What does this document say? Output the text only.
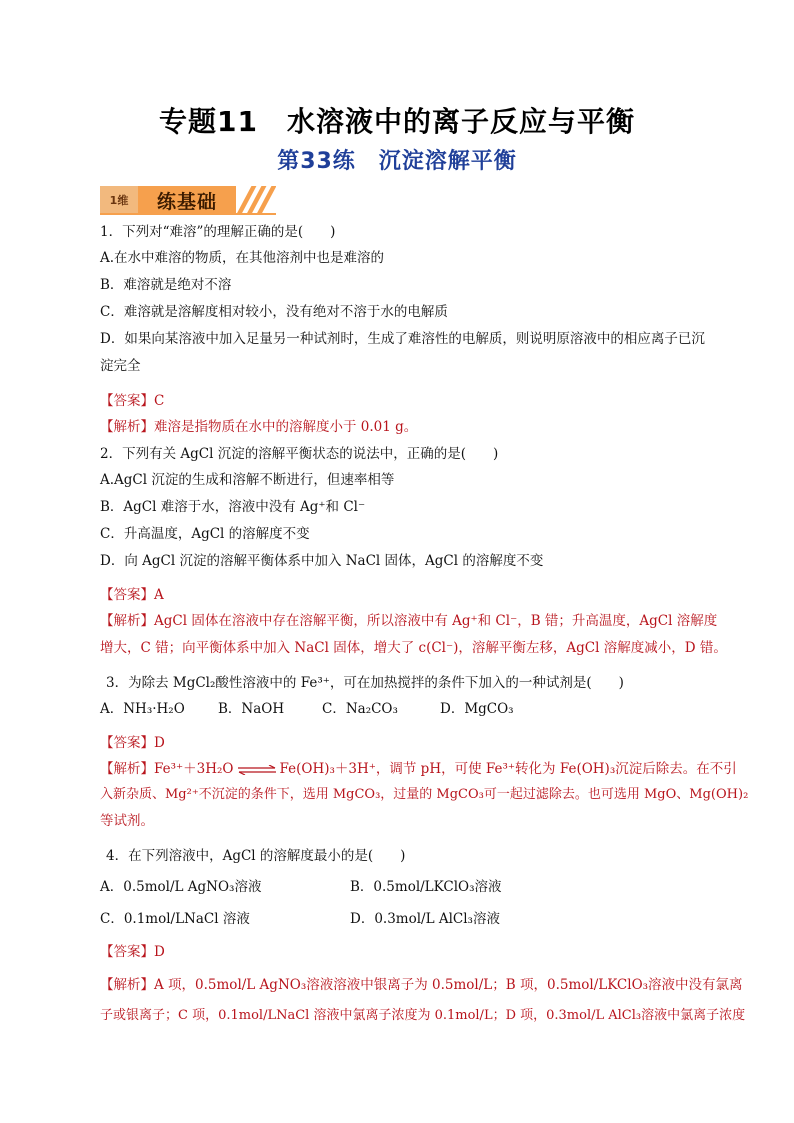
专题11　水溶液中的离子反应与平衡
第33练　沉淀溶解平衡
1维	练基础
1．下列对“难溶”的理解正确的是(　　)
A.在水中难溶的物质，在其他溶剂中也是难溶的
B．难溶就是绝对不溶
C．难溶就是溶解度相对较小，没有绝对不溶于水的电解质
D．如果向某溶液中加入足量另一种试剂时，生成了难溶性的电解质，则说明原溶液中的相应离子已沉
淀完全
【答案】C
【解析】难溶是指物质在水中的溶解度小于 0.01 g。
2．下列有关 AgCl 沉淀的溶解平衡状态的说法中，正确的是(　　)
A.AgCl 沉淀的生成和溶解不断进行，但速率相等
B．AgCl 难溶于水，溶液中没有 Ag⁺和 Cl⁻
C．升高温度，AgCl 的溶解度不变
D．向 AgCl 沉淀的溶解平衡体系中加入 NaCl 固体，AgCl 的溶解度不变
【答案】A
【解析】AgCl 固体在溶液中存在溶解平衡，所以溶液中有 Ag⁺和 Cl⁻，B 错；升高温度，AgCl 溶解度
增大，C 错；向平衡体系中加入 NaCl 固体，增大了 c(Cl⁻)，溶解平衡左移，AgCl 溶解度减小，D 错。
3．为除去 MgCl₂酸性溶液中的 Fe³⁺，可在加热搅拌的条件下加入的一种试剂是(　　)
A．NH₃·H₂O B．NaOH	C．Na₂CO₃	D．MgCO₃
【答案】D
【解析】Fe³⁺＋3H₂O ⇌ Fe(OH)₃＋3H⁺，调节 pH，可使 Fe³⁺转化为 Fe(OH)₃沉淀后除去。在不引
入新杂质、Mg²⁺不沉淀的条件下，选用 MgCO₃，过量的 MgCO₃可一起过滤除去。也可选用 MgO、Mg(OH)₂
等试剂。
4．在下列溶液中，AgCl 的溶解度最小的是(　　)
A．0.5mol/L AgNO₃溶液	B．0.5mol/LKClO₃溶液
C．0.1mol/LNaCl 溶液	D．0.3mol/L AlCl₃溶液
【答案】D
【解析】A 项，0.5mol/L AgNO₃溶液溶液中银离子为 0.5mol/L；B 项，0.5mol/LKClO₃溶液中没有氯离
子或银离子；C 项，0.1mol/LNaCl 溶液中氯离子浓度为 0.1mol/L；D 项，0.3mol/L AlCl₃溶液中氯离子浓度
